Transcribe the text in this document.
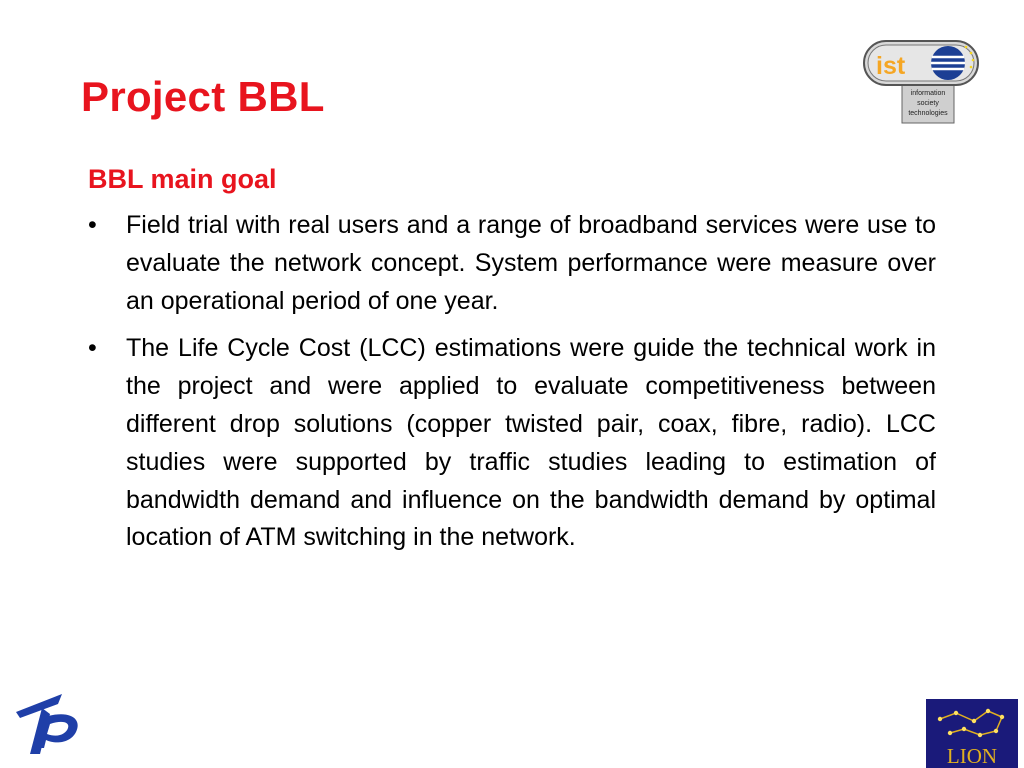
Project BBL
BBL main goal
•	Field trial with real users and a range of broadband services were use to evaluate the network concept. System performance were measure over an operational period of one year.
•	The Life Cycle Cost (LCC) estimations were guide the technical work in the project and were applied to evaluate competitiveness between different drop solutions (copper twisted pair, coax, fibre, radio). LCC studies were supported by traffic studies leading to estimation of bandwidth demand and influence on the bandwidth demand by optimal location of ATM switching in the network.
ist
information
society
technologies
LION
